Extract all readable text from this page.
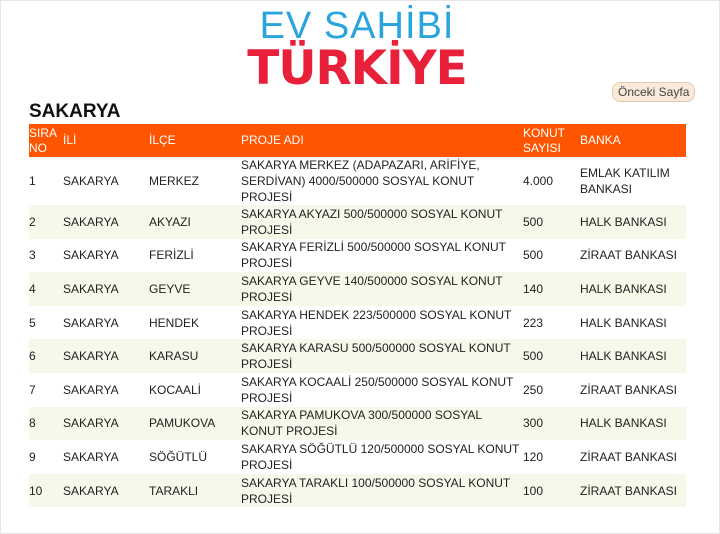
EV SAHİBİ
TÜRKİYE	Önceki Sayfa
SAKARYA
SIRA NO	İLİ	İLÇE	PROJE ADI	KONUT SAYISI	BANKA
1	SAKARYA	MERKEZ	SAKARYA MERKEZ (ADAPAZARI, ARİFİYE, SERDİVAN) 4000/500000 SOSYAL KONUT PROJESİ	4.000	EMLAK KATILIM BANKASI
2	SAKARYA	AKYAZI	SAKARYA AKYAZI 500/500000 SOSYAL KONUT PROJESİ	500	HALK BANKASI
3	SAKARYA	FERİZLİ	SAKARYA FERİZLİ 500/500000 SOSYAL KONUT PROJESİ	500	ZİRAAT BANKASI
4	SAKARYA	GEYVE	SAKARYA GEYVE 140/500000 SOSYAL KONUT PROJESİ	140	HALK BANKASI
5	SAKARYA	HENDEK	SAKARYA HENDEK 223/500000 SOSYAL KONUT PROJESİ	223	HALK BANKASI
6	SAKARYA	KARASU	SAKARYA KARASU 500/500000 SOSYAL KONUT PROJESİ	500	HALK BANKASI
7	SAKARYA	KOCAALİ	SAKARYA KOCAALİ 250/500000 SOSYAL KONUT PROJESİ	250	ZİRAAT BANKASI
8	SAKARYA	PAMUKOVA	SAKARYA PAMUKOVA 300/500000 SOSYAL KONUT PROJESİ	300	HALK BANKASI
9	SAKARYA	SÖĞÜTLÜ	SAKARYA SÖĞÜTLÜ 120/500000 SOSYAL KONUT PROJESİ	120	ZİRAAT BANKASI
10	SAKARYA	TARAKLI	SAKARYA TARAKLI 100/500000 SOSYAL KONUT PROJESİ	100	ZİRAAT BANKASI
